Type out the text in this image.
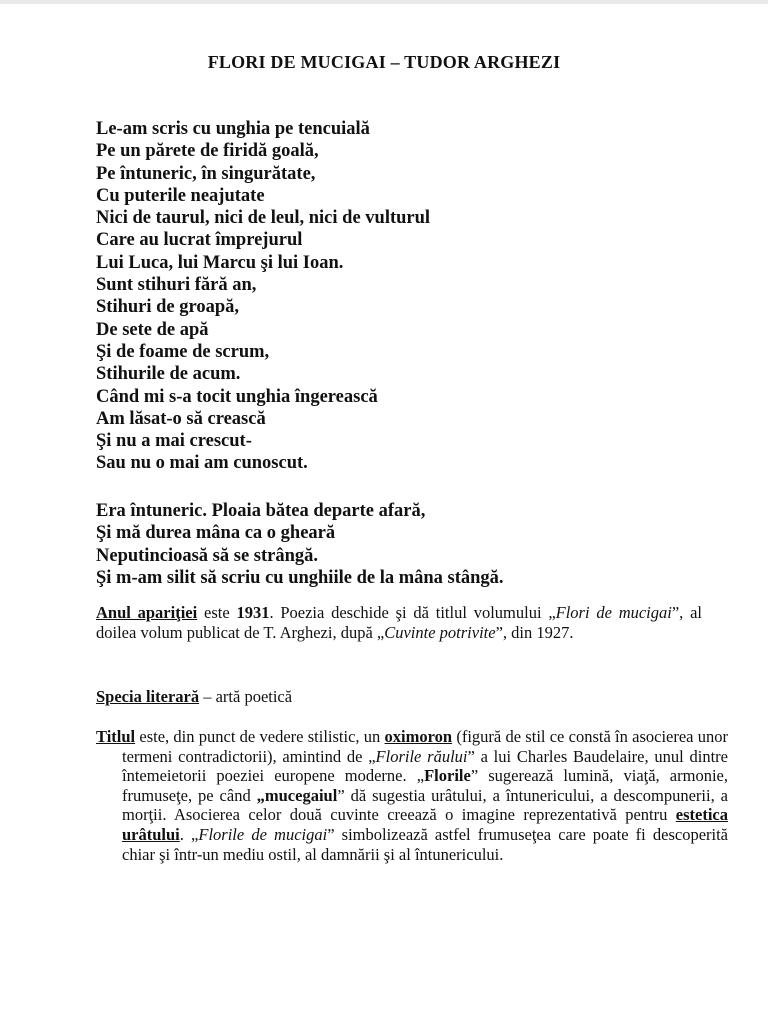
FLORI DE MUCIGAI – TUDOR ARGHEZI
Le-am scris cu unghia pe tencuială
Pe un părete de firidă goală,
Pe întuneric, în singurătate,
Cu puterile neajutate
Nici de taurul, nici de leul, nici de vulturul
Care au lucrat împrejurul
Lui Luca, lui Marcu şi lui Ioan.
Sunt stihuri fără an,
Stihuri de groapă,
De sete de apă
Şi de foame de scrum,
Stihurile de acum.
Când mi s-a tocit unghia îngerească
Am lăsat-o să crească
Şi nu a mai crescut-
Sau nu o mai am cunoscut.
Era întuneric. Ploaia bătea departe afară,
Şi mă durea mâna ca o gheară
Neputincioasă să se strângă.
Şi m-am silit să scriu cu unghiile de la mâna stângă.
Anul apariţiei este 1931. Poezia deschide şi dă titlul volumului „Flori de mucigai”, al doilea volum publicat de T. Arghezi, după „Cuvinte potrivite”, din 1927.
Specia literară – artă poetică
Titlul este, din punct de vedere stilistic, un oximoron (figură de stil ce constă în asocierea unor termeni contradictorii), amintind de „Florile răului” a lui Charles Baudelaire, unul dintre întemeietorii poeziei europene moderne. „Florile” sugerează lumină, viaţă, armonie, frumuseţe, pe când „mucegaiul” dă sugestia urâtului, a întunericului, a descompunerii, a morţii. Asocierea celor două cuvinte creează o imagine reprezentativă pentru estetica urâtului. „Florile de mucigai” simbolizează astfel frumuseţea care poate fi descoperită chiar şi într-un mediu ostil, al damnării şi al întunericului.
